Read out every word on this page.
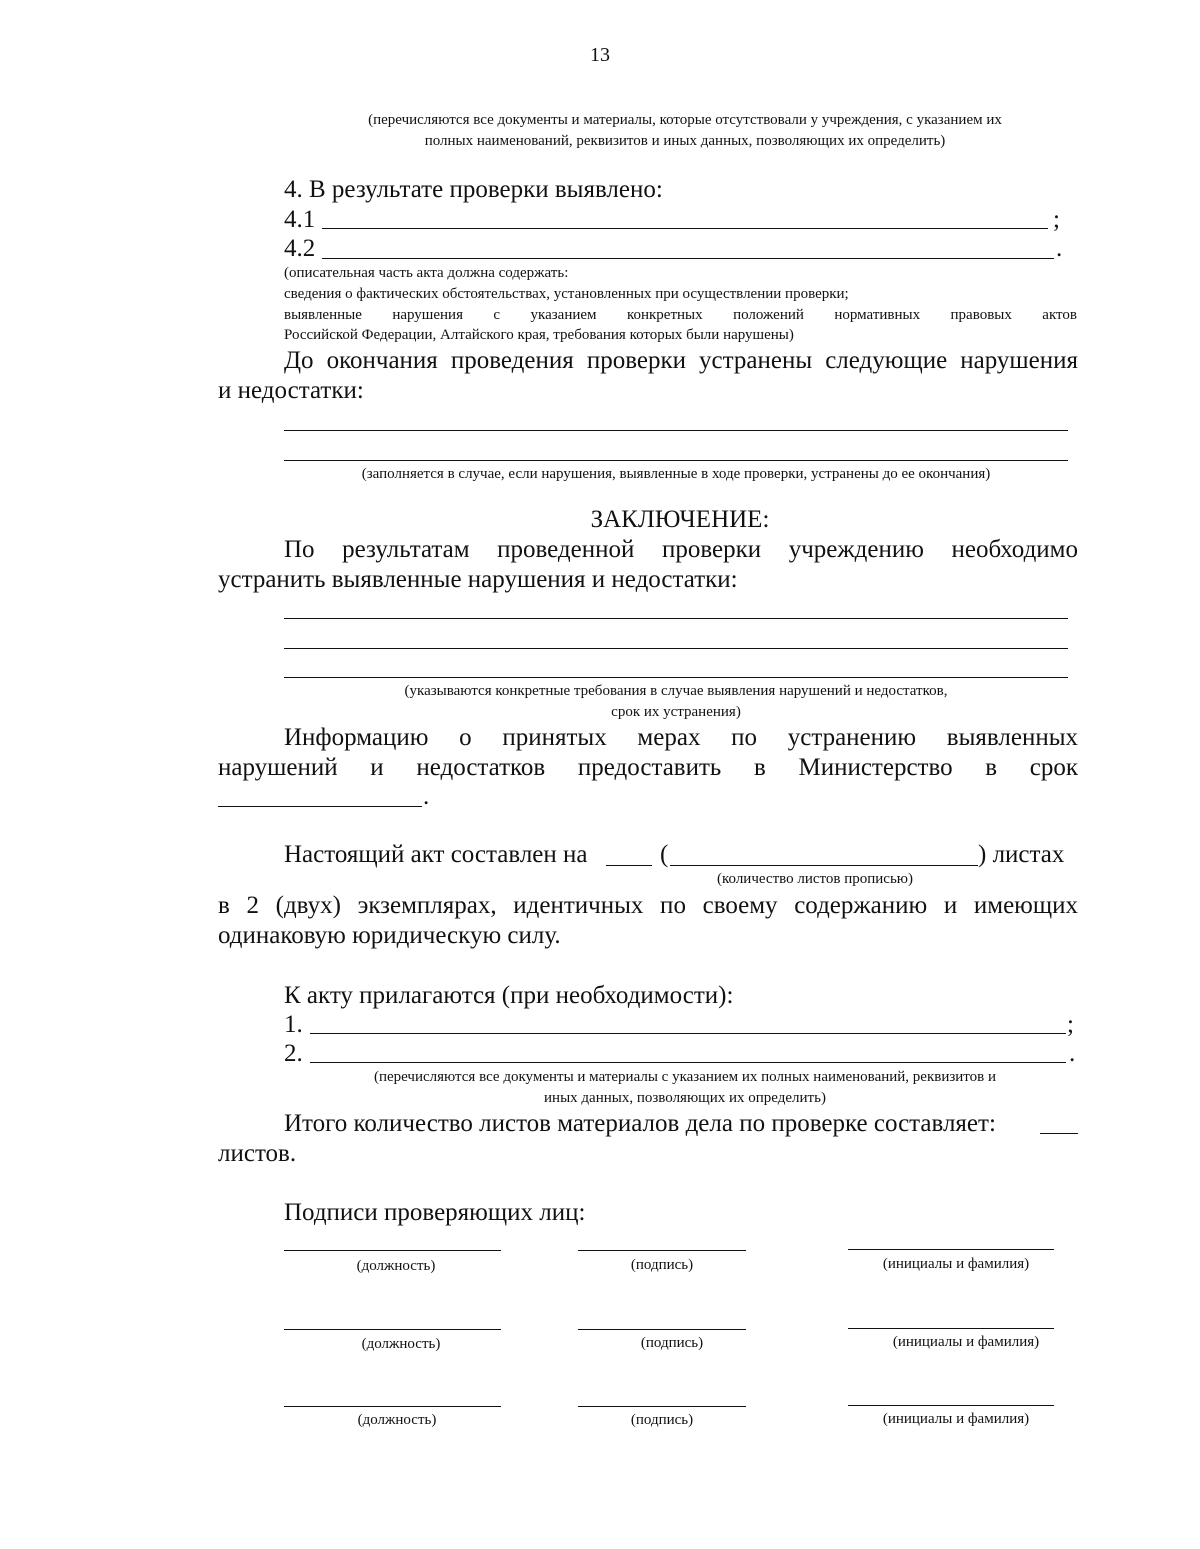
13
(перечисляются все документы и материалы, которые отсутствовали у учреждения, с указанием их
полных наименований, реквизитов и иных данных, позволяющих их определить)
4. В результате проверки выявлено:
4.1	;
4.2	.
(описательная часть акта должна содержать:
сведения о фактических обстоятельствах, установленных при осуществлении проверки;
выявленные нарушения с указанием конкретных положений нормативных правовых актов
Российской Федерации, Алтайского края, требования которых были нарушены)
До окончания проведения проверки устранены следующие нарушения
и недостатки:
(заполняется в случае, если нарушения, выявленные в ходе проверки, устранены до ее окончания)
ЗАКЛЮЧЕНИЕ:
По результатам проведенной проверки учреждению необходимо
устранить выявленные нарушения и недостатки:
(указываются конкретные требования в случае выявления нарушений и недостатков,
срок их устранения)
Информацию о принятых мерах по устранению выявленных
нарушений и недостатков предоставить в Министерство в срок
.
Настоящий акт составлен на	(	) листах
(количество листов прописью)
в 2 (двух) экземплярах, идентичных по своему содержанию и имеющих
одинаковую юридическую силу.
К акту прилагаются (при необходимости):
1.	;
2.	.
(перечисляются все документы и материалы с указанием их полных наименований, реквизитов и
иных данных, позволяющих их определить)
Итого количество листов материалов дела по проверке составляет:
листов.
Подписи проверяющих лиц:
(должность)	(подпись)	(инициалы и фамилия)
(должность)	(подпись)	(инициалы и фамилия)
(должность)	(подпись)	(инициалы и фамилия)
